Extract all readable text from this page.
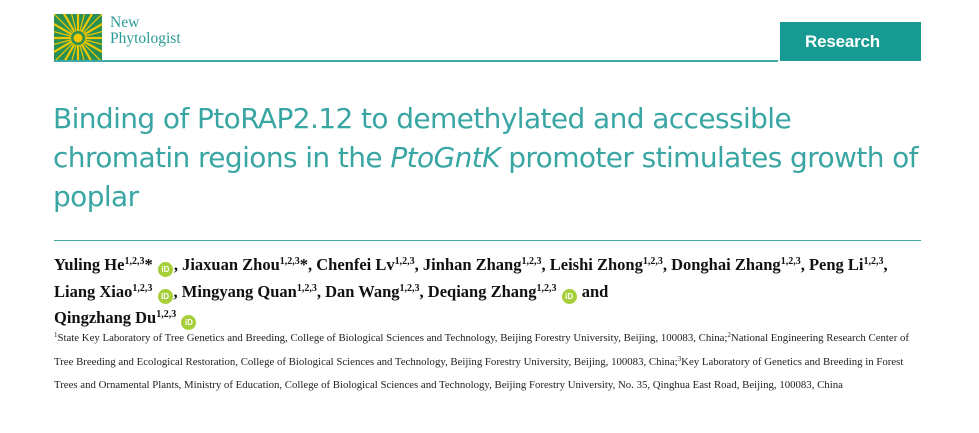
New
Phytologist	Research
Binding of PtoRAP2.12 to demethylated and accessible chromatin regions in the PtoGntK promoter stimulates growth of poplar
Yuling He$^{1,2,3}$* iD , Jiaxuan Zhou$^{1,2,3}$*, Chenfei Lv$^{1,2,3}$, Jinhan Zhang$^{1,2,3}$, Leishi Zhong$^{1,2,3}$, Donghai Zhang$^{1,2,3}$, Peng Li$^{1,2,3}$, Liang Xiao$^{1,2,3}$ iD , Mingyang Quan$^{1,2,3}$, Dan Wang$^{1,2,3}$, Deqiang Zhang$^{1,2,3}$ iD and
Qingzhang Du$^{1,2,3}$ iD

$^1$State Key Laboratory of Tree Genetics and Breeding, College of Biological Sciences and Technology, Beijing Forestry University, Beijing, 100083, China;$^2$National Engineering Research Center of Tree Breeding and Ecological Restoration, College of Biological Sciences and Technology, Beijing Forestry University, Beijing, 100083, China;$^3$Key Laboratory of Genetics and Breeding in Forest Trees and Ornamental Plants, Ministry of Education, College of Biological Sciences and Technology, Beijing Forestry University, No. 35, Qinghua East Road, Beijing, 100083, China
